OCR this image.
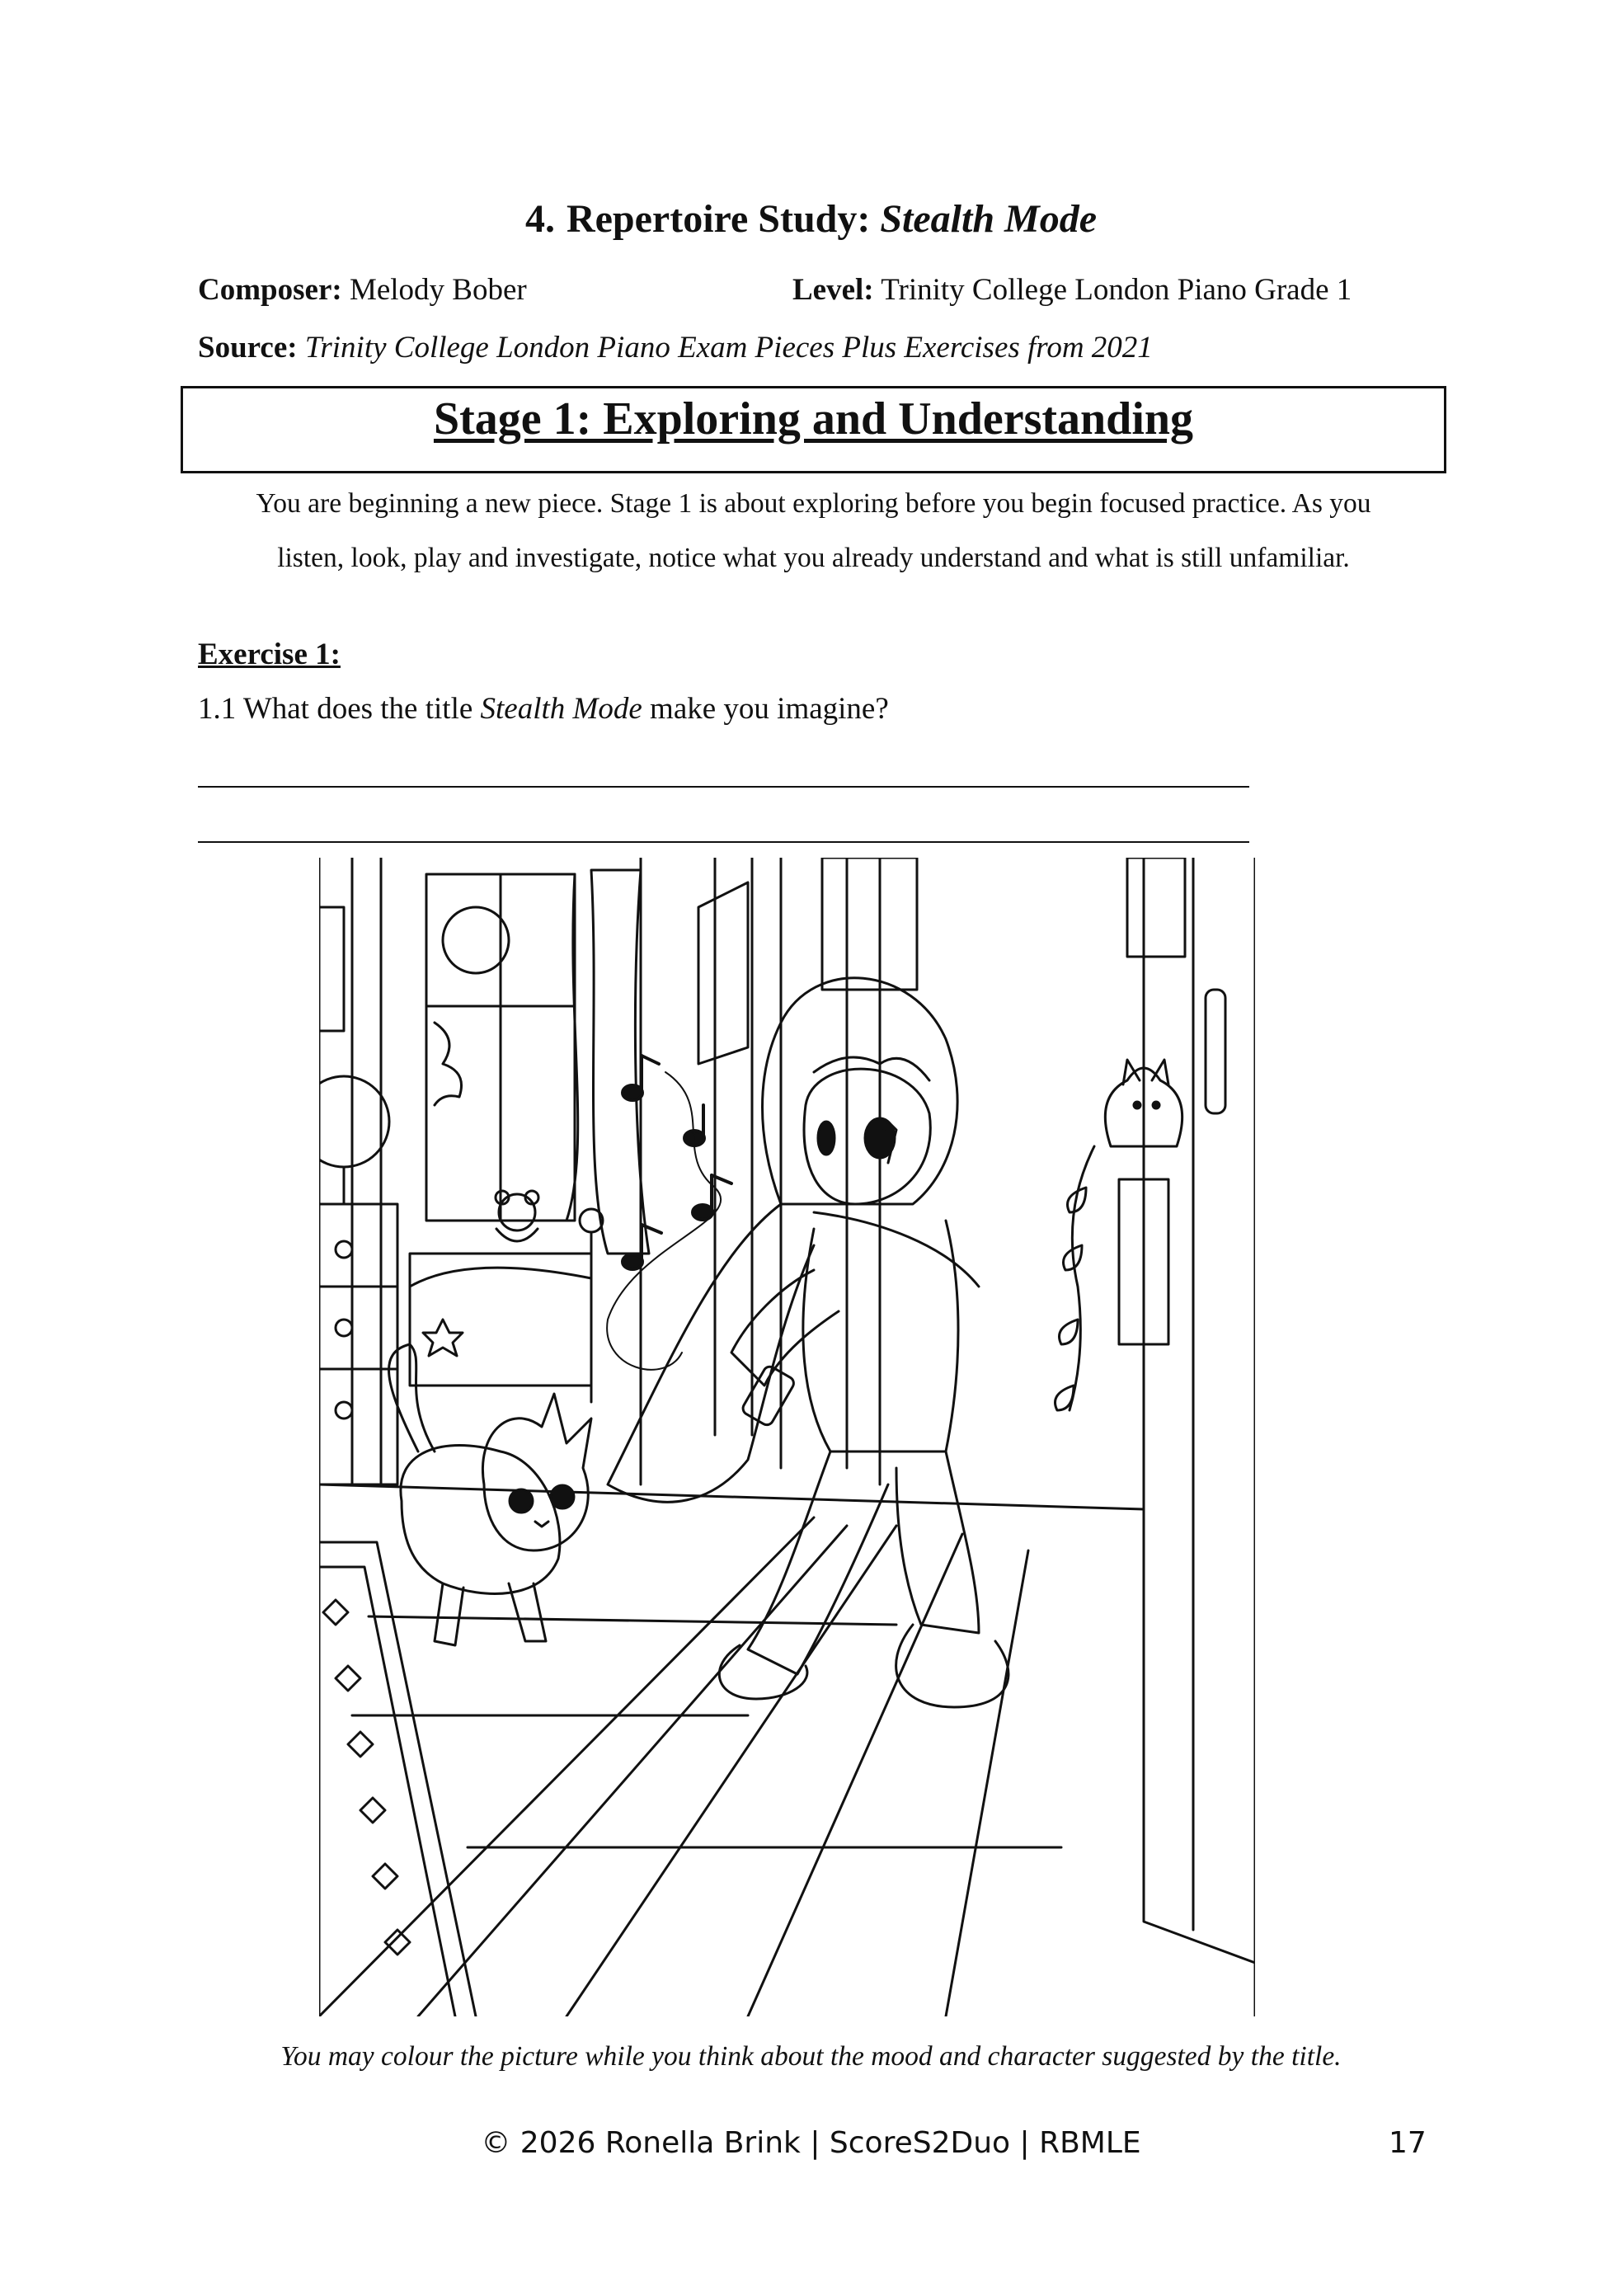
4. Repertoire Study: Stealth Mode
Composer: Melody Bober	Level: Trinity College London Piano Grade 1
Source: Trinity College London Piano Exam Pieces Plus Exercises from 2021
Stage 1: Exploring and Understanding
You are beginning a new piece. Stage 1 is about exploring before you begin focused practice. As you
listen, look, play and investigate, notice what you already understand and what is still unfamiliar.
Exercise 1:
1.1 What does the title Stealth Mode make you imagine?
You may colour the picture while you think about the mood and character suggested by the title.
© 2026 Ronella Brink | ScoreS2Duo | RBMLE	17
